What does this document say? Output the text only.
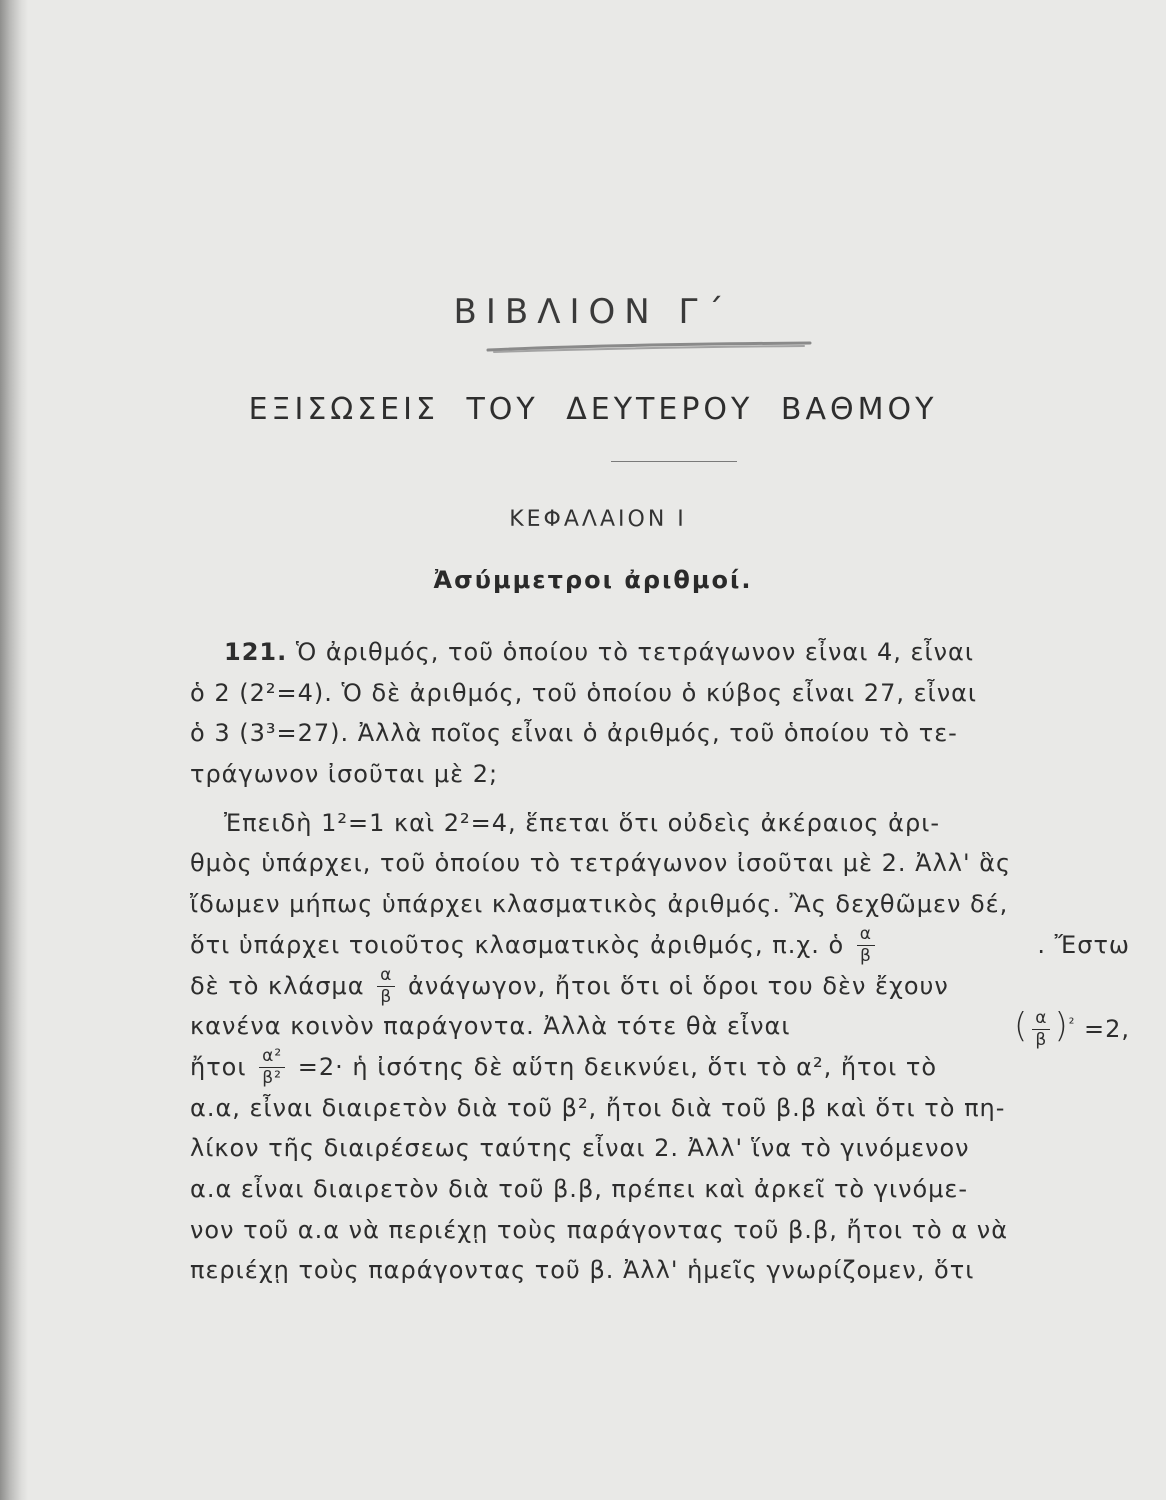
ΒΙΒΛΙΟΝ Γ΄
ΕΞΙΣΩΣΕΙΣ ΤΟΥ ΔΕΥΤΕΡΟΥ ΒΑΘΜΟΥ
ΚΕΦΑΛΑΙΟΝ Ι
Ἀσύμμετροι ἀριθμοί.
121. Ὁ ἀριθμός, τοῦ ὁποίου τὸ τετράγωνον εἶναι 4, εἶναι
ὁ 2 (2²=4). Ὁ δὲ ἀριθμός, τοῦ ὁποίου ὁ κύβος εἶναι 27, εἶναι
ὁ 3 (3³=27). Ἀλλὰ ποῖος εἶναι ὁ ἀριθμός, τοῦ ὁποίου τὸ τε-
τράγωνον ἰσοῦται μὲ 2;
Ἐπειδὴ 1²=1 καὶ 2²=4, ἕπεται ὅτι οὐδεὶς ἀκέραιος ἀρι-
θμὸς ὑπάρχει, τοῦ ὁποίου τὸ τετράγωνον ἰσοῦται μὲ 2. Ἀλλ' ἃς
ἴδωμεν μήπως ὑπάρχει κλασματικὸς ἀριθμός. Ἂς δεχθῶμεν δέ,
ὅτι ὑπάρχει τοιοῦτος κλασματικὸς ἀριθμός, π.χ. ὁ $\frac{\alpha}{\beta}$	. Ἔστω
δὲ τὸ κλάσμα $\frac{\alpha}{\beta}$ ἀνάγωγον, ἤτοι ὅτι οἱ ὅροι του δὲν ἔχουν
κανένα κοινὸν παράγοντα. Ἀλλὰ τότε θὰ εἶναι	( $\frac{\alpha}{\beta} )^{^2} =2$,
ἤτοι $\frac{\text{α²}}{\text{β²}} =2\cdot$ ἡ ἰσότης δὲ αὕτη δεικνύει, ὅτι τὸ α², ἤτοι τὸ
α.α, εἶναι διαιρετὸν διὰ τοῦ β², ἤτοι διὰ τοῦ β.β καὶ ὅτι τὸ πη-
λίκον τῆς διαιρέσεως ταύτης εἶναι 2. Ἀλλ' ἵνα τὸ γινόμενον
α.α εἶναι διαιρετὸν διὰ τοῦ β.β, πρέπει καὶ ἀρκεῖ τὸ γινόμε-
νον τοῦ α.α νὰ περιέχῃ τοὺς παράγοντας τοῦ β.β, ἤτοι τὸ α νὰ
περιέχῃ τοὺς παράγοντας τοῦ β. Ἀλλ' ἡμεῖς γνωρίζομεν, ὅτι
